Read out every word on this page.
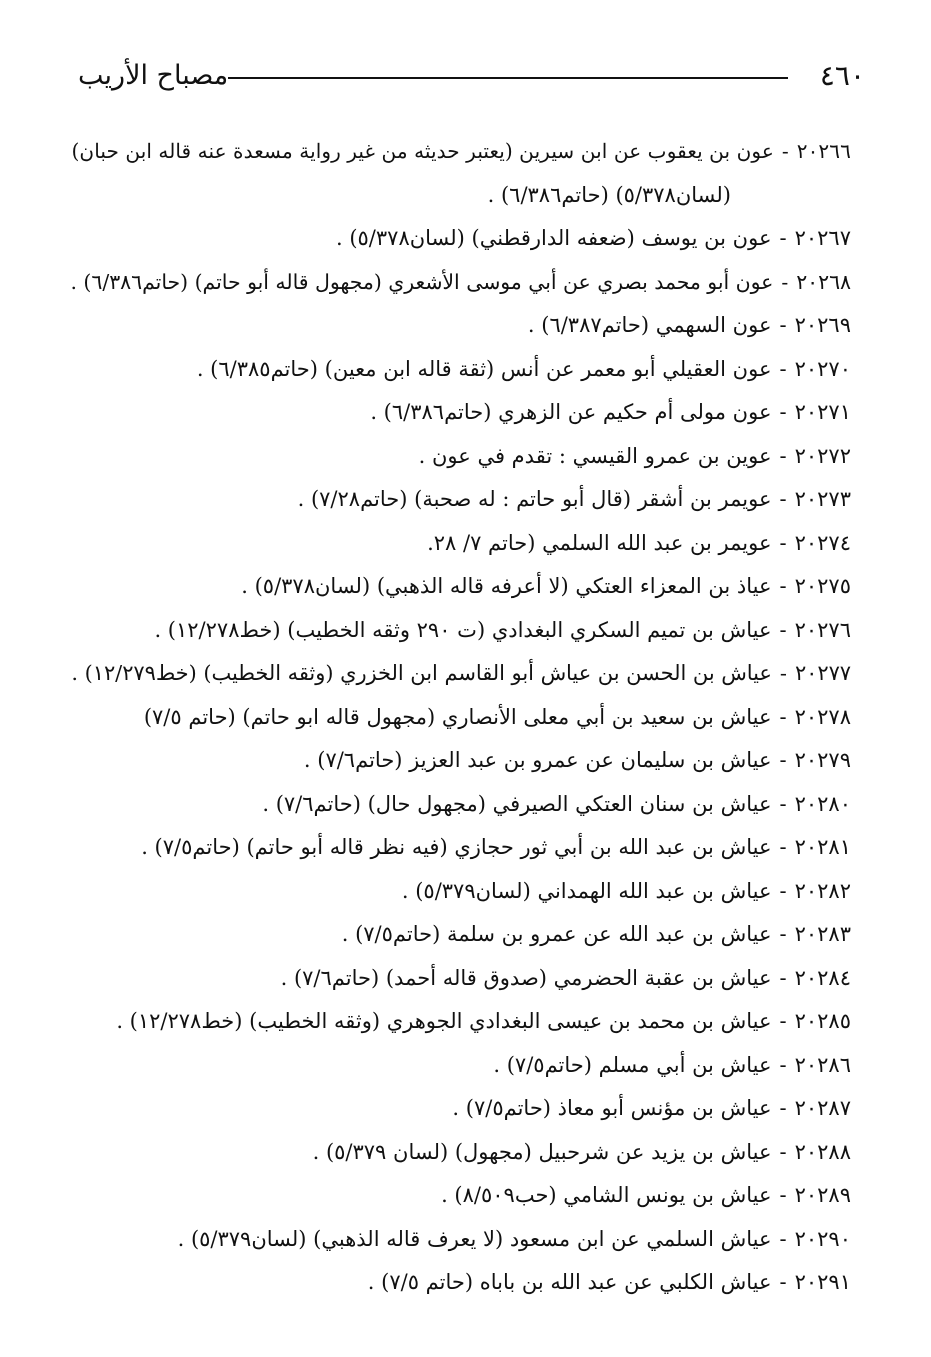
٤٦٠
مصباح الأريب
٢٠٢٦٦-عون بن يعقوب عن ابن سيرين (يعتبر حديثه من غير رواية مسعدة عنه قاله ابن حبان)
(لسان٥/٣٧٨) (حاتم٦/٣٨٦) .
٢٠٢٦٧-عون بن يوسف (ضعفه الدارقطني) (لسان٥/٣٧٨) .
٢٠٢٦٨-عون أبو محمد بصري عن أبي موسى الأشعري (مجهول قاله أبو حاتم) (حاتم٦/٣٨٦) .
٢٠٢٦٩-عون السهمي (حاتم٦/٣٨٧) .
٢٠٢٧٠-عون العقيلي أبو معمر عن أنس (ثقة قاله ابن معين) (حاتم٦/٣٨٥) .
٢٠٢٧١-عون مولى أم حكيم عن الزهري (حاتم٦/٣٨٦) .
٢٠٢٧٢-عوين بن عمرو القيسي : تقدم في عون .
٢٠٢٧٣-عويمر بن أشقر (قال أبو حاتم : له صحبة) (حاتم٧/٢٨) .
٢٠٢٧٤-عويمر بن عبد الله السلمي (حاتم ٧/ ٢٨.
٢٠٢٧٥-عياذ بن المعزاء العتكي (لا أعرفه قاله الذهبي) (لسان٥/٣٧٨) .
٢٠٢٧٦-عياش بن تميم السكري البغدادي (ت ٢٩٠ وثقه الخطيب) (خط١٢/٢٧٨) .
٢٠٢٧٧-عياش بن الحسن بن عياش أبو القاسم ابن الخزري (وثقه الخطيب) (خط١٢/٢٧٩) .
٢٠٢٧٨-عياش بن سعيد بن أبي معلى الأنصاري (مجهول قاله ابو حاتم) (حاتم ٧/٥)
٢٠٢٧٩-عياش بن سليمان عن عمرو بن عبد العزيز (حاتم٧/٦) .
٢٠٢٨٠-عياش بن سنان العتكي الصيرفي (مجهول حال) (حاتم٧/٦) .
٢٠٢٨١-عياش بن عبد الله بن أبي ثور حجازي (فيه نظر قاله أبو حاتم) (حاتم٧/٥) .
٢٠٢٨٢-عياش بن عبد الله الهمداني (لسان٥/٣٧٩) .
٢٠٢٨٣-عياش بن عبد الله عن عمرو بن سلمة (حاتم٧/٥) .
٢٠٢٨٤-عياش بن عقبة الحضرمي (صدوق قاله أحمد) (حاتم٧/٦) .
٢٠٢٨٥-عياش بن محمد بن عيسى البغدادي الجوهري (وثقه الخطيب) (خط١٢/٢٧٨) .
٢٠٢٨٦-عياش بن أبي مسلم (حاتم٧/٥) .
٢٠٢٨٧-عياش بن مؤنس أبو معاذ (حاتم٧/٥) .
٢٠٢٨٨-عياش بن يزيد عن شرحبيل (مجهول) (لسان ٥/٣٧٩) .
٢٠٢٨٩-عياش بن يونس الشامي (حب٨/٥٠٩) .
٢٠٢٩٠-عياش السلمي عن ابن مسعود (لا يعرف قاله الذهبي) (لسان٥/٣٧٩) .
٢٠٢٩١-عياش الكلبي عن عبد الله بن باباه (حاتم ٧/٥) .
